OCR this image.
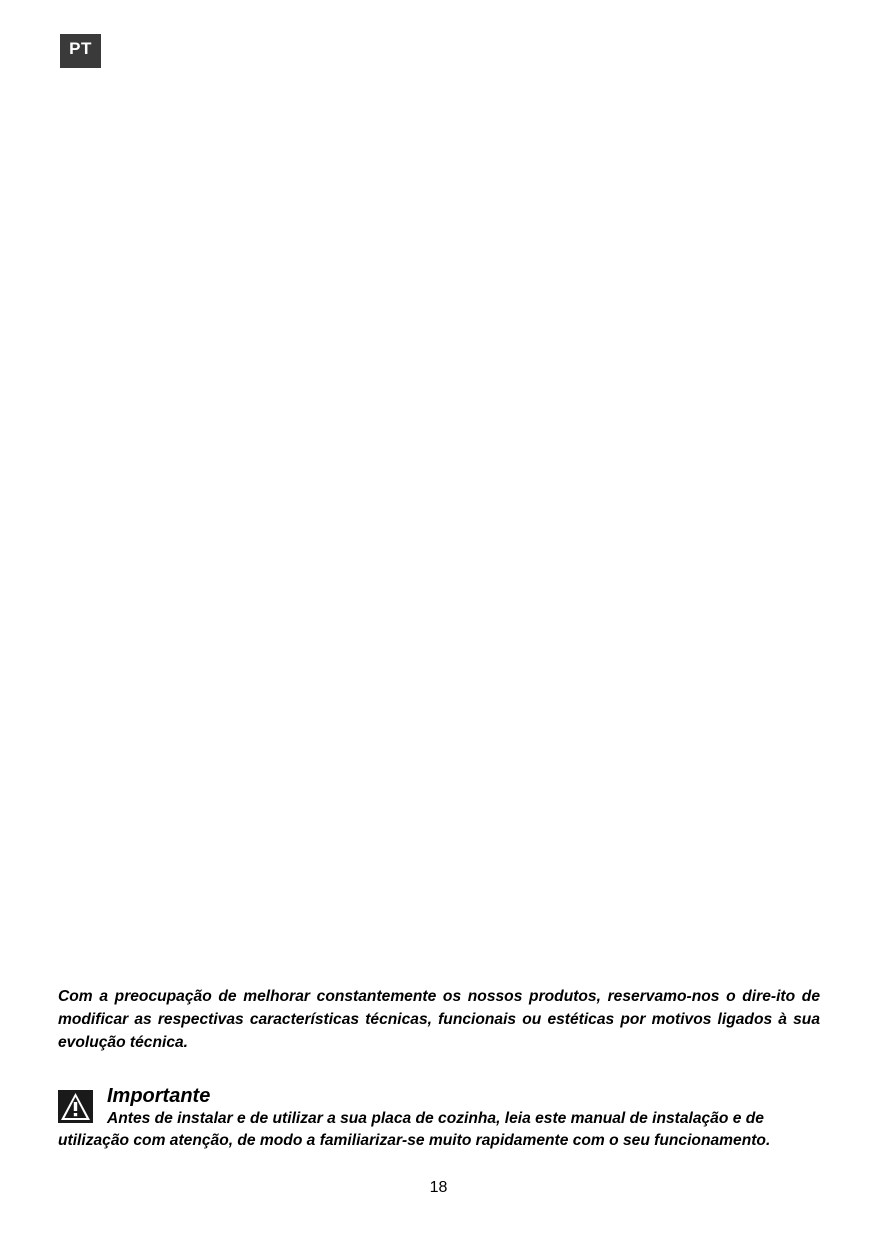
PT

Com a preocupação de melhorar constantemente os nossos produtos, reservamo-nos o dire-ito de modificar as respectivas características técnicas, funcionais ou estéticas por motivos ligados à sua evolução técnica.

Importante

Antes de instalar e de utilizar a sua placa de cozinha, leia este manual de instalação e de utilização com atenção, de modo a familiarizar-se muito rapidamente com o seu funcionamento.

18
